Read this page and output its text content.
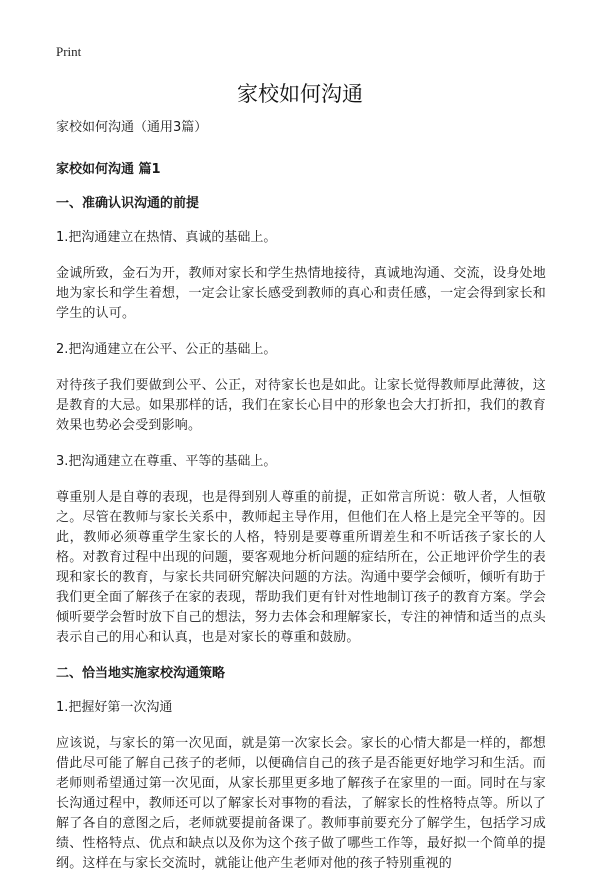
Print
家校如何沟通

家校如何沟通（通用3篇）

家校如何沟通 篇1

一、准确认识沟通的前提

1.把沟通建立在热情、真诚的基础上。

金诚所致，金石为开，教师对家长和学生热情地接待，真诚地沟通、交流，设身处地地为家长和学生着想，一定会让家长感受到教师的真心和责任感，一定会得到家长和学生的认可。

2.把沟通建立在公平、公正的基础上。

对待孩子我们要做到公平、公正，对待家长也是如此。让家长觉得教师厚此薄彼，这是教育的大忌。如果那样的话，我们在家长心目中的形象也会大打折扣，我们的教育效果也势必会受到影响。

3.把沟通建立在尊重、平等的基础上。

尊重别人是自尊的表现，也是得到别人尊重的前提，正如常言所说：敬人者，人恒敬之。尽管在教师与家长关系中，教师起主导作用，但他们在人格上是完全平等的。因此，教师必须尊重学生家长的人格，特别是要尊重所谓差生和不听话孩子家长的人格。对教育过程中出现的问题，要客观地分析问题的症结所在，公正地评价学生的表现和家长的教育，与家长共同研究解决问题的方法。沟通中要学会倾听，倾听有助于我们更全面了解孩子在家的表现，帮助我们更有针对性地制订孩子的教育方案。学会倾听要学会暂时放下自己的想法，努力去体会和理解家长，专注的神情和适当的点头表示自己的用心和认真，也是对家长的尊重和鼓励。

二、恰当地实施家校沟通策略

1.把握好第一次沟通

应该说，与家长的第一次见面，就是第一次家长会。家长的心情大都是一样的，都想借此尽可能了解自己孩子的老师，以便确信自己的孩子是否能更好地学习和生活。而老师则希望通过第一次见面，从家长那里更多地了解孩子在家里的一面。同时在与家长沟通过程中，教师还可以了解家长对事物的看法，了解家长的性格特点等。所以了解了各自的意图之后，老师就要提前备课了。教师事前要充分了解学生，包括学习成绩、性格特点、优点和缺点以及你为这个孩子做了哪些工作等，最好拟一个简单的提纲。这样在与家长交流时，就能让他产生老师对他的孩子特别重视的
